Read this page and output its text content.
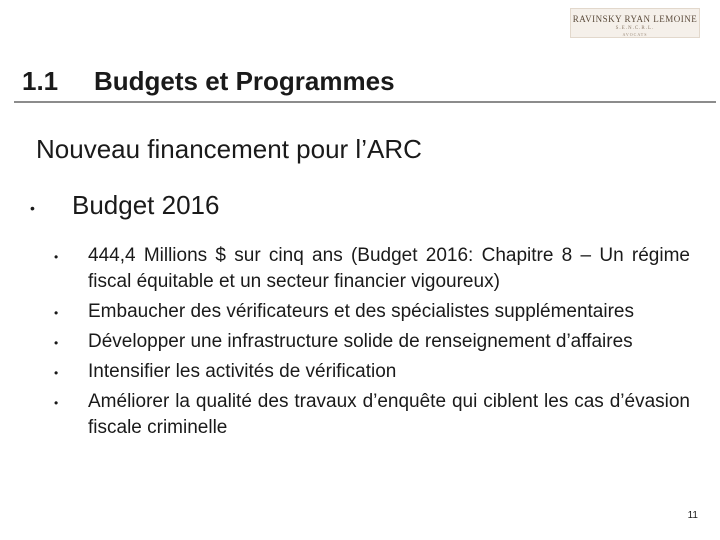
RAVINSKY RYAN LEMOINE
S.E.N.C.R.L.
AVOCATS
1.1 Budgets et Programmes
Nouveau financement pour l’ARC
• Budget 2016
• 444,4 Millions $ sur cinq ans (Budget 2016: Chapitre 8 – Un régime fiscal équitable et un secteur financier vigoureux)
• Embaucher des vérificateurs et des spécialistes supplémentaires
• Développer une infrastructure solide de renseignement d’affaires
• Intensifier les activités de vérification
• Améliorer la qualité des travaux d’enquête qui ciblent les cas d’évasion fiscale criminelle
11
